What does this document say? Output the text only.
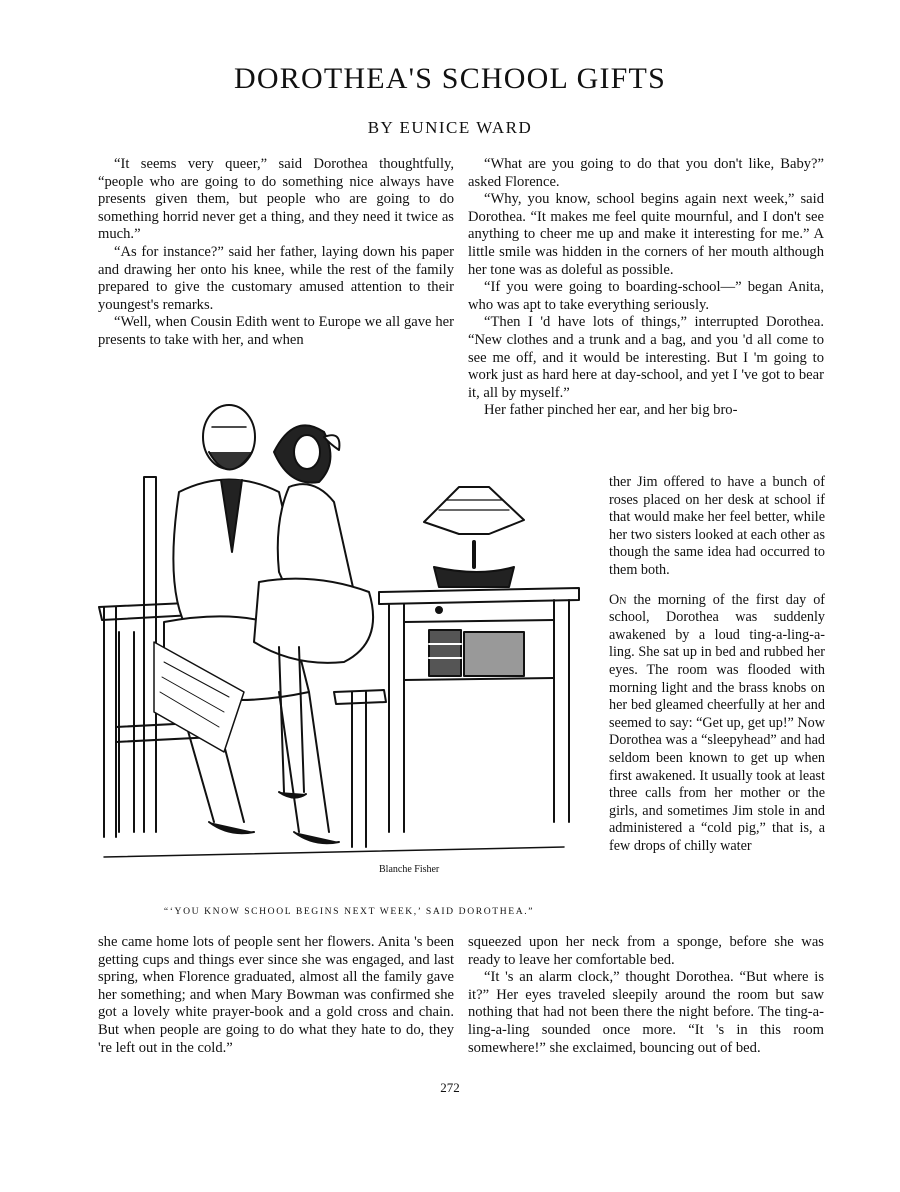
DOROTHEA'S SCHOOL GIFTS
BY EUNICE WARD

“It seems very queer,” said Dorothea thoughtfully, “people who are going to do something nice always have presents given them, but people who are going to do something horrid never get a thing, and they need it twice as much.”

“As for instance?” said her father, laying down his paper and drawing her onto his knee, while the rest of the family prepared to give the customary amused attention to their youngest's remarks.

“Well, when Cousin Edith went to Europe we all gave her presents to take with her, and when

“What are you going to do that you don't like, Baby?” asked Florence.

“Why, you know, school begins again next week,” said Dorothea. “It makes me feel quite mournful, and I don't see anything to cheer me up and make it interesting for me.” A little smile was hidden in the corners of her mouth although her tone was as doleful as possible.

“If you were going to boarding-school—” began Anita, who was apt to take everything seriously.

“Then I 'd have lots of things,” interrupted Dorothea. “New clothes and a trunk and a bag, and you 'd all come to see me off, and it would be interesting. But I 'm going to work just as hard here at day-school, and yet I 've got to bear it, all by myself.”

Her father pinched her ear, and her big bro-

ther Jim offered to have a bunch of roses placed on her desk at school if that would make her feel better, while her two sisters looked at each other as though the same idea had occurred to them both.

On the morning of the first day of school, Dorothea was suddenly awakened by a loud ting-a-ling-a-ling. She sat up in bed and rubbed her eyes. The room was flooded with morning light and the brass knobs on her bed gleamed cheerfully at her and seemed to say: “Get up, get up!” Now Dorothea was a “sleepyhead” and had seldom been known to get up when first awakened. It usually took at least three calls from her mother or the girls, and sometimes Jim stole in and administered a “cold pig,” that is, a few drops of chilly water

Blanche Fisher
“‘YOU KNOW SCHOOL BEGINS NEXT WEEK,’ SAID DOROTHEA.”

she came home lots of people sent her flowers. Anita 's been getting cups and things ever since she was engaged, and last spring, when Florence graduated, almost all the family gave her something; and when Mary Bowman was confirmed she got a lovely white prayer-book and a gold cross and chain. But when people are going to do what they hate to do, they 're left out in the cold.”

squeezed upon her neck from a sponge, before she was ready to leave her comfortable bed.

“It 's an alarm clock,” thought Dorothea. “But where is it?” Her eyes traveled sleepily around the room but saw nothing that had not been there the night before. The ting-a-ling-a-ling sounded once more. “It 's in this room somewhere!” she exclaimed, bouncing out of bed.

272
